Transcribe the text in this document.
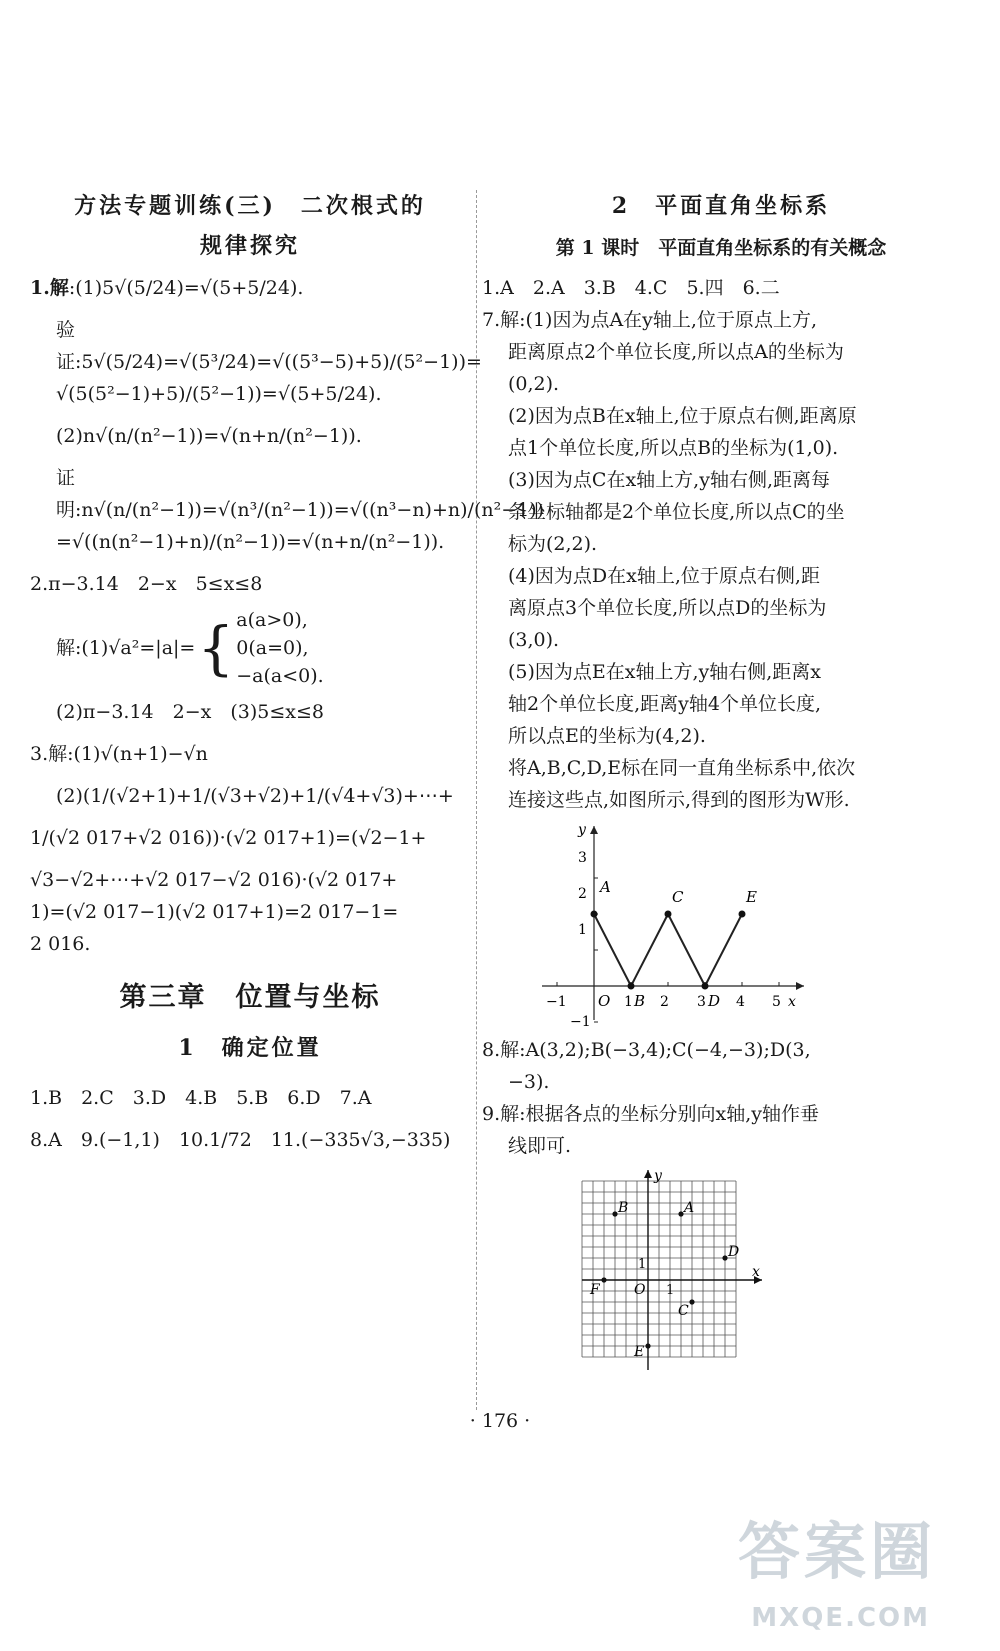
方法专题训练(三)　二次根式的
规律探究

1.解:(1)5√(5/24)=√(5+5/24).

验证:5√(5/24)=√(5³/24)=√((5³−5)+5)/(5²−1))=

√(5(5²−1)+5)/(5²−1))=√(5+5/24).

(2)n√(n/(n²−1))=√(n+n/(n²−1)).

证明:n√(n/(n²−1))=√(n³/(n²−1))=√((n³−n)+n)/(n²−1))

=√((n(n²−1)+n)/(n²−1))=√(n+n/(n²−1)).

2.π−3.14　2−x　5≤x≤8

解:(1)√a²=|a|= { a(a>0),
0(a=0),
−a(a<0).

(2)π−3.14　2−x　(3)5≤x≤8

3.解:(1)√(n+1)−√n

(2)(1/(√2+1)+1/(√3+√2)+1/(√4+√3)+⋯+

1/(√2 017+√2 016))·(√2 017+1)=(√2−1+

√3−√2+⋯+√2 017−√2 016)·(√2 017+

1)=(√2 017−1)(√2 017+1)=2 017−1=

2 016.

第三章　位置与坐标
1　确定位置

1.B　2.C　3.D　4.B　5.B　6.D　7.A

8.A　9.(−1,1)　10.1/72　11.(−335√3,−335)

2　平面直角坐标系
第 1 课时　平面直角坐标系的有关概念

1.A　2.A　3.B　4.C　5.四　6.二

7.解:(1)因为点A在y轴上,位于原点上方,

距离原点2个单位长度,所以点A的坐标为

(0,2).

(2)因为点B在x轴上,位于原点右侧,距离原

点1个单位长度,所以点B的坐标为(1,0).

(3)因为点C在x轴上方,y轴右侧,距离每

条坐标轴都是2个单位长度,所以点C的坐

标为(2,2).

(4)因为点D在x轴上,位于原点右侧,距

离原点3个单位长度,所以点D的坐标为

(3,0).

(5)因为点E在x轴上方,y轴右侧,距离x

轴2个单位长度,距离y轴4个单位长度,

所以点E的坐标为(4,2).

将A,B,C,D,E标在同一直角坐标系中,依次

连接这些点,如图所示,得到的图形为W形.

−1 O 1 2 3 4 5 x
y
3
2
1
−1
A
B
C
D
E

8.解:A(3,2);B(−3,4);C(−4,−3);D(3,

−3).

9.解:根据各点的坐标分别向x轴,y轴作垂

线即可.

x
y
O 1
1
A
B
C
D
E
F
· 176 ·
答案圈
MXQE.COM
